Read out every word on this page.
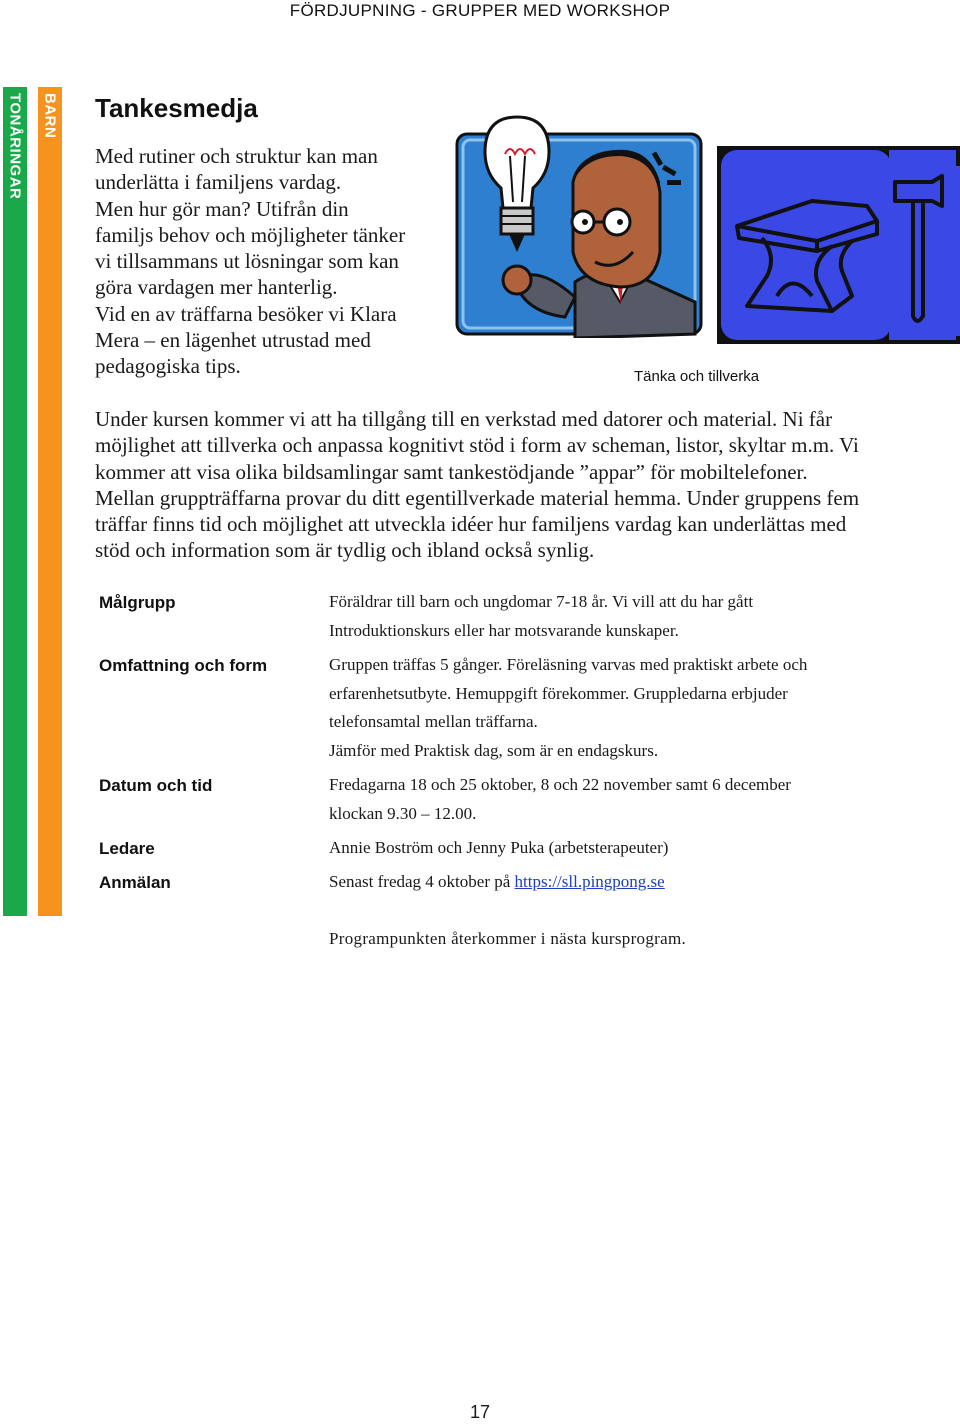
FÖRDJUPNING - GRUPPER MED WORKSHOP
TONÅRINGAR BARN Tankesmedja
Med rutiner och struktur kan man
underlätta i familjens vardag.
Men hur gör man? Utifrån din
familjs behov och möjligheter tänker
vi tillsammans ut lösningar som kan
göra vardagen mer hanterlig.
Vid en av träffarna besöker vi Klara
Mera – en lägenhet utrustad med
pedagogiska tips.	Tänka och tillverka
Under kursen kommer vi att ha tillgång till en verkstad med datorer och material. Ni får
möjlighet att tillverka och anpassa kognitivt stöd i form av scheman, listor, skyltar m.m. Vi
kommer att visa olika bildsamlingar samt tankestödjande ”appar” för mobiltelefoner.
Mellan gruppträffarna provar du ditt egentillverkade material hemma. Under gruppens fem
träffar finns tid och möjlighet att utveckla idéer hur familjens vardag kan underlättas med
stöd och information som är tydlig och ibland också synlig.
Målgrupp	Föräldrar till barn och ungdomar 7-18 år. Vi vill att du har gått
Introduktionskurs eller har motsvarande kunskaper.
Omfattning och form	Gruppen träffas 5 gånger. Föreläsning varvas med praktiskt arbete och
erfarenhetsutbyte. Hemuppgift förekommer. Gruppledarna erbjuder
telefonsamtal mellan träffarna.
Jämför med Praktisk dag, som är en endagskurs.
Datum och tid	Fredagarna 18 och 25 oktober, 8 och 22 november samt 6 december
klockan 9.30 – 12.00.
Ledare	Annie Boström och Jenny Puka (arbetsterapeuter)
Anmälan	Senast fredag 4 oktober på https://sll.pingpong.se
Programpunkten återkommer i nästa kursprogram.
17
